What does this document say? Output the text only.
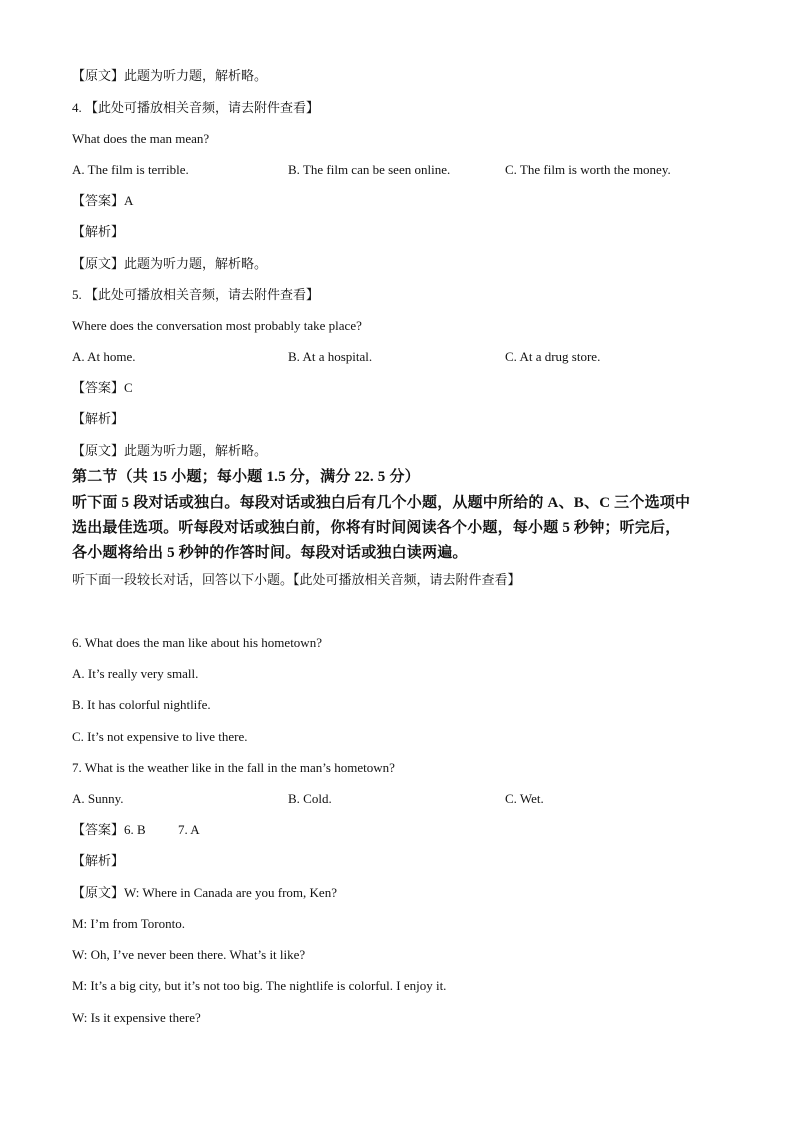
【原文】此题为听力题，解析略。
4. 【此处可播放相关音频，请去附件查看】
What does the man mean?
A. The film is terrible.	B. The film can be seen online.	C. The film is worth the money.
【答案】A
【解析】
【原文】此题为听力题，解析略。
5. 【此处可播放相关音频，请去附件查看】
Where does the conversation most probably take place?
A. At home.	B. At a hospital.	C. At a drug store.
【答案】C
【解析】
【原文】此题为听力题，解析略。
第二节（共 15 小题；每小题 1.5 分，满分 22. 5 分）
听下面 5 段对话或独白。每段对话或独白后有几个小题，从题中所给的 A、B、C 三个选项中
选出最佳选项。听每段对话或独白前，你将有时间阅读各个小题，每小题 5 秒钟；听完后，
各小题将给出 5 秒钟的作答时间。每段对话或独白读两遍。
听下面一段较长对话，回答以下小题。【此处可播放相关音频，请去附件查看】
6. What does the man like about his hometown?
A. It’s really very small.
B. It has colorful nightlife.
C. It’s not expensive to live there.
7. What is the weather like in the fall in the man’s hometown?
A. Sunny.	B. Cold.	C. Wet.
【答案】6. B 7. A
【解析】
【原文】W: Where in Canada are you from, Ken?
M: I’m from Toronto.
W: Oh, I’ve never been there. What’s it like?
M: It’s a big city, but it’s not too big. The nightlife is colorful. I enjoy it.
W: Is it expensive there?
